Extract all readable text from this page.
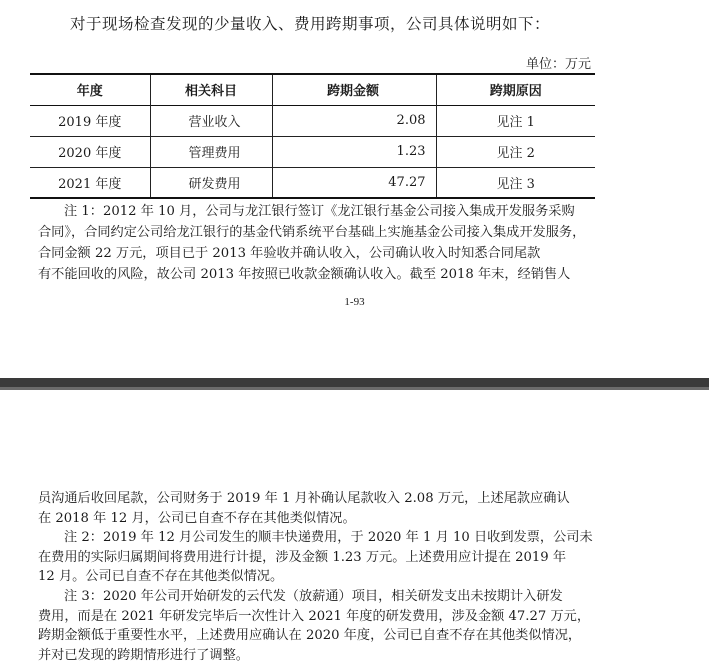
对于现场检查发现的少量收入、费用跨期事项，公司具体说明如下：
单位：万元
年度	相关科目	跨期金额	跨期原因
2019 年度	营业收入	2.08	见注 1
2020 年度	管理费用	1.23	见注 2
2021 年度	研发费用	47.27	见注 3

注 1：2012 年 10 月，公司与龙江银行签订《龙江银行基金公司接入集成开发服务采购

合同》，合同约定公司给龙江银行的基金代销系统平台基础上实施基金公司接入集成开发服务，

合同金额 22 万元，项目已于 2013 年验收并确认收入，公司确认收入时知悉合同尾款

有不能回收的风险，故公司 2013 年按照已收款金额确认收入。截至 2018 年末，经销售人

1-93

员沟通后收回尾款，公司财务于 2019 年 1 月补确认尾款收入 2.08 万元，上述尾款应确认

在 2018 年 12 月，公司已自查不存在其他类似情况。

注 2：2019 年 12 月公司发生的顺丰快递费用，于 2020 年 1 月 10 日收到发票，公司未

在费用的实际归属期间将费用进行计提，涉及金额 1.23 万元。上述费用应计提在 2019 年

12 月。公司已自查不存在其他类似情况。

注 3：2020 年公司开始研发的云代发（放薪通）项目，相关研发支出未按期计入研发

费用，而是在 2021 年研发完毕后一次性计入 2021 年度的研发费用，涉及金额 47.27 万元，

跨期金额低于重要性水平，上述费用应确认在 2020 年度，公司已自查不存在其他类似情况，

并对已发现的跨期情形进行了调整。
